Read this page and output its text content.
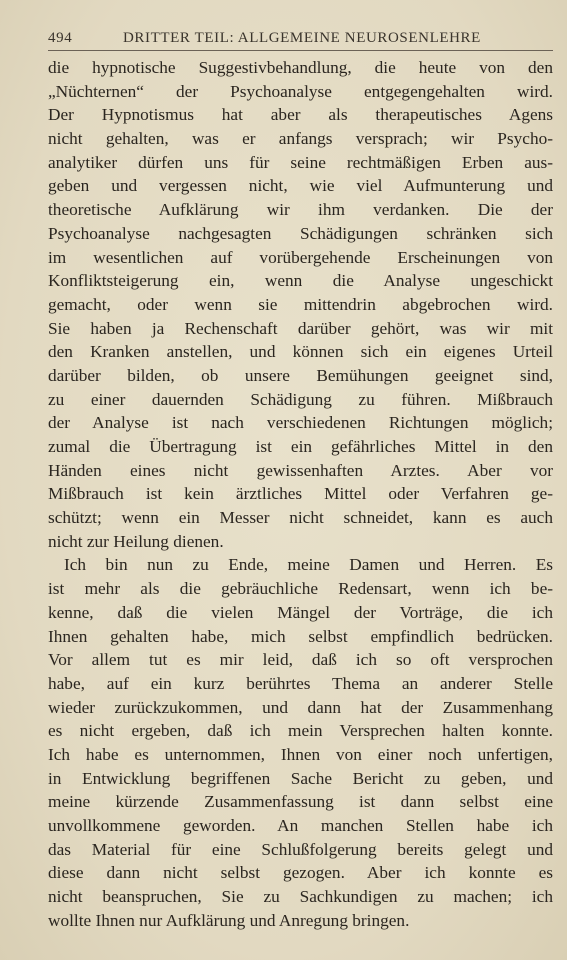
494	DRITTER TEIL: ALLGEMEINE NEUROSENLEHRE
die hypnotische Suggestivbehandlung, die heute von den
„Nüchternen“ der Psychoanalyse entgegengehalten wird.
Der Hypnotismus hat aber als therapeutisches Agens
nicht gehalten, was er anfangs versprach; wir Psycho-
analytiker dürfen uns für seine rechtmäßigen Erben aus-
geben und vergessen nicht, wie viel Aufmunterung und
theoretische Aufklärung wir ihm verdanken. Die der
Psychoanalyse nachgesagten Schädigungen schränken sich
im wesentlichen auf vorübergehende Erscheinungen von
Konfliktsteigerung ein, wenn die Analyse ungeschickt
gemacht, oder wenn sie mittendrin abgebrochen wird.
Sie haben ja Rechenschaft darüber gehört, was wir mit
den Kranken anstellen, und können sich ein eigenes Urteil
darüber bilden, ob unsere Bemühungen geeignet sind,
zu einer dauernden Schädigung zu führen. Mißbrauch
der Analyse ist nach verschiedenen Richtungen möglich;
zumal die Übertragung ist ein gefährliches Mittel in den
Händen eines nicht gewissenhaften Arztes. Aber vor
Mißbrauch ist kein ärztliches Mittel oder Verfahren ge-
schützt; wenn ein Messer nicht schneidet, kann es auch
nicht zur Heilung dienen.
Ich bin nun zu Ende, meine Damen und Herren. Es
ist mehr als die gebräuchliche Redensart, wenn ich be-
kenne, daß die vielen Mängel der Vorträge, die ich
Ihnen gehalten habe, mich selbst empfindlich bedrücken.
Vor allem tut es mir leid, daß ich so oft versprochen
habe, auf ein kurz berührtes Thema an anderer Stelle
wieder zurückzukommen, und dann hat der Zusammenhang
es nicht ergeben, daß ich mein Versprechen halten konnte.
Ich habe es unternommen, Ihnen von einer noch unfertigen,
in Entwicklung begriffenen Sache Bericht zu geben, und
meine kürzende Zusammenfassung ist dann selbst eine
unvollkommene geworden. An manchen Stellen habe ich
das Material für eine Schlußfolgerung bereits gelegt und
diese dann nicht selbst gezogen. Aber ich konnte es
nicht beanspruchen, Sie zu Sachkundigen zu machen; ich
wollte Ihnen nur Aufklärung und Anregung bringen.
